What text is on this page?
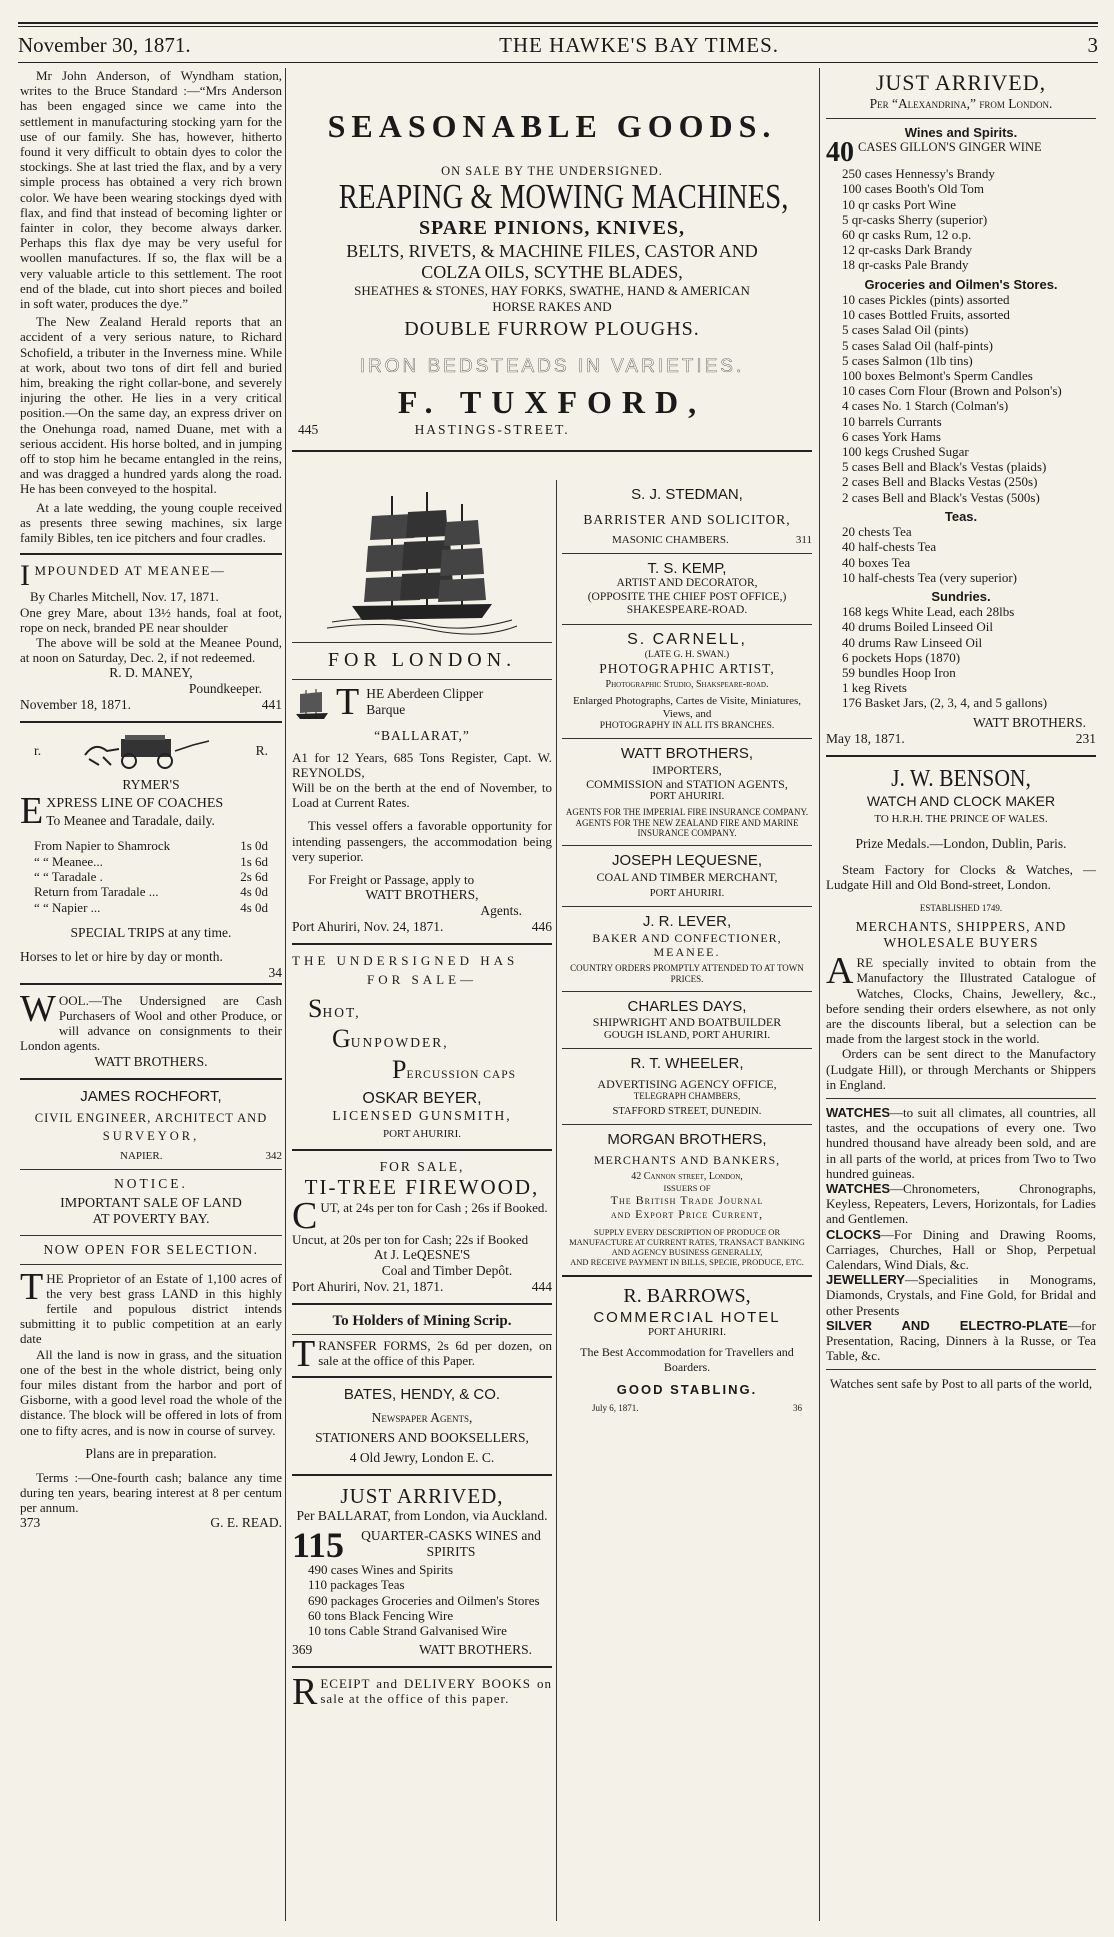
November 30, 1871.	THE HAWKE'S BAY TIMES.	3

Mr John Anderson, of Wyndham station, writes to the Bruce Standard :—“Mrs Anderson has been engaged since we came into the settlement in manufacturing stocking yarn for the use of our family. She has, however, hitherto found it very difficult to obtain dyes to color the stockings. She at last tried the flax, and by a very simple process has obtained a very rich brown color. We have been wearing stockings dyed with flax, and find that instead of becoming lighter or fainter in color, they become always darker. Perhaps this flax dye may be very useful for woollen manufactures. If so, the flax will be a very valuable article to this settlement. The root end of the blade, cut into short pieces and boiled in soft water, produces the dye.”

The New Zealand Herald reports that an accident of a very serious nature, to Richard Schofield, a tributer in the Inverness mine. While at work, about two tons of dirt fell and buried him, breaking the right collar-bone, and severely injuring the other. He lies in a very critical position.—On the same day, an express driver on the Onehunga road, named Duane, met with a serious accident. His horse bolted, and in jumping off to stop him he became entangled in the reins, and was dragged a hundred yards along the road. He has been conveyed to the hospital.

At a late wedding, the young couple received as presents three sewing machines, six large family Bibles, ten ice pitchers and four cradles.

IMPOUNDED AT MEANEE—

By Charles Mitchell, Nov. 17, 1871.

One grey Mare, about 13½ hands, foal at foot, rope on neck, branded PE near shoulder

The above will be sold at the Meanee Pound, at noon on Saturday, Dec. 2, if not redeemed.

R. D. MANEY,
Poundkeeper.
November 18, 1871.	441
r.	R.
RYMER'S
EXPRESS LINE OF COACHES
To Meanee and Taradale, daily.
From Napier to Shamrock	1s 0d
“ “ Meanee...	1s 6d
“ “ Taradale .	2s 6d
Return from Taradale ...	4s 0d
“ “ Napier ...	4s 0d
SPECIAL TRIPS at any time.
Horses to let or hire by day or month.
34

WOOL.—The Undersigned are Cash Purchasers of Wool and other Produce, or will advance on consignments to their London agents.

WATT BROTHERS.
JAMES ROCHFORT,
CIVIL ENGINEER, ARCHITECT AND
SURVEYOR,
NAPIER.	342
NOTICE.
IMPORTANT SALE OF LAND
AT POVERTY BAY.
NOW OPEN FOR SELECTION.

THE Proprietor of an Estate of 1,100 acres of the very best grass LAND in this highly fertile and populous district intends submitting it to public competition at an early date

All the land is now in grass, and the situation one of the best in the whole district, being only four miles distant from the harbor and port of Gisborne, with a good level road the whole of the distance. The block will be offered in lots of from one to fifty acres, and is now in course of survey.

Plans are in preparation.

Terms :—One-fourth cash; balance any time during ten years, bearing interest at 8 per centum per annum.

373	G. E. READ.
SEASONABLE GOODS.
ON SALE BY THE UNDERSIGNED.
REAPING & MOWING MACHINES,
SPARE PINIONS, KNIVES,
BELTS, RIVETS, & MACHINE FILES, CASTOR AND
COLZA OILS, SCYTHE BLADES,
SHEATHES & STONES, HAY FORKS, SWATHE, HAND & AMERICAN
HORSE RAKES AND
DOUBLE FURROW PLOUGHS.
IRON BEDSTEADS IN VARIETIES.
F. TUXFORD,
445	HASTINGS-STREET.
FOR LONDON.
T HE Aberdeen Clipper
Barque
“BALLARAT,”

A1 for 12 Years, 685 Tons Register, Capt. W. REYNOLDS,

Will be on the berth at the end of November, to Load at Current Rates.

This vessel offers a favorable opportunity for intending passengers, the accommodation being very superior.

For Freight or Passage, apply to

WATT BROTHERS,
Agents.
Port Ahuriri, Nov. 24, 1871.	446
THE UNDERSIGNED HAS
FOR SALE—
SHOT,
GUNPOWDER,
PERCUSSION CAPS
OSKAR BEYER,
LICENSED GUNSMITH,
PORT AHURIRI.
FOR SALE,
TI-TREE FIREWOOD,

CUT, at 24s per ton for Cash ; 26s if Booked.

Uncut, at 20s per ton for Cash; 22s if Booked

At J. LeQESNE'S
Coal and Timber Depôt.
Port Ahuriri, Nov. 21, 1871.	444
To Holders of Mining Scrip.

TRANSFER FORMS, 2s 6d per dozen, on sale at the office of this Paper.

BATES, HENDY, & CO.
Newspaper Agents,
STATIONERS AND BOOKSELLERS,
4 Old Jewry, London E. C.
JUST ARRIVED,
Per BALLARAT, from London, via Auckland.
115	QUARTER-CASKS WINES and SPIRITS
490 cases Wines and Spirits
110 packages Teas
690 packages Groceries and Oilmen's Stores
60 tons Black Fencing Wire
10 tons Cable Strand Galvanised Wire
369	WATT BROTHERS.

RECEIPT and DELIVERY BOOKS on sale at the office of this paper.

S. J. STEDMAN,
BARRISTER AND SOLICITOR,
MASONIC CHAMBERS.	311
T. S. KEMP,
ARTIST AND DECORATOR,
(OPPOSITE THE CHIEF POST OFFICE,)
SHAKESPEARE-ROAD.
S. CARNELL,
(LATE G. H. SWAN.)
PHOTOGRAPHIC ARTIST,
Photographic Studio, Shakspeare-road.
Enlarged Photographs, Cartes de Visite, Miniatures, Views, and
PHOTOGRAPHY IN ALL ITS BRANCHES.
WATT BROTHERS,
IMPORTERS,
COMMISSION and STATION AGENTS,
PORT AHURIRI.
AGENTS FOR THE IMPERIAL FIRE INSURANCE COMPANY.
AGENTS FOR THE NEW ZEALAND FIRE AND MARINE INSURANCE COMPANY.
JOSEPH LEQUESNE,
COAL AND TIMBER MERCHANT,
PORT AHURIRI.
J. R. LEVER,
BAKER AND CONFECTIONER,
MEANEE.
COUNTRY ORDERS PROMPTLY ATTENDED TO AT TOWN PRICES.
CHARLES DAYS,
SHIPWRIGHT AND BOATBUILDER
GOUGH ISLAND, PORT AHURIRI.
R. T. WHEELER,
ADVERTISING AGENCY OFFICE,
TELEGRAPH CHAMBERS,
STAFFORD STREET, DUNEDIN.
MORGAN BROTHERS,
MERCHANTS AND BANKERS,
42 Cannon street, London,
ISSUERS OF
The British Trade Journal
and Export Price Current,
SUPPLY EVERY DESCRIPTION OF PRODUCE OR MANUFACTURE AT CURRENT RATES, TRANSACT BANKING AND AGENCY BUSINESS GENERALLY,
AND RECEIVE PAYMENT IN BILLS, SPECIE, PRODUCE, ETC.
R. BARROWS,
COMMERCIAL HOTEL
PORT AHURIRI.
The Best Accommodation for Travellers and Boarders.
GOOD STABLING.
July 6, 1871.	36
JUST ARRIVED,
Per “Alexandrina,” from London.
Wines and Spirits.
40 CASES GILLON'S GINGER WINE
250 cases Hennessy's Brandy
100 cases Booth's Old Tom
10 qr casks Port Wine
5 qr-casks Sherry (superior)
60 qr casks Rum, 12 o.p.
12 qr-casks Dark Brandy
18 qr-casks Pale Brandy
Groceries and Oilmen's Stores.
10 cases Pickles (pints) assorted
10 cases Bottled Fruits, assorted
5 cases Salad Oil (pints)
5 cases Salad Oil (half-pints)
5 cases Salmon (1lb tins)
100 boxes Belmont's Sperm Candles
10 cases Corn Flour (Brown and Polson's)
4 cases No. 1 Starch (Colman's)
10 barrels Currants
6 cases York Hams
100 kegs Crushed Sugar
5 cases Bell and Black's Vestas (plaids)
2 cases Bell and Blacks Vestas (250s)
2 cases Bell and Black's Vestas (500s)
Teas.
20 chests Tea
40 half-chests Tea
40 boxes Tea
10 half-chests Tea (very superior)
Sundries.
168 kegs White Lead, each 28lbs
40 drums Boiled Linseed Oil
40 drums Raw Linseed Oil
6 pockets Hops (1870)
59 bundles Hoop Iron
1 keg Rivets
176 Basket Jars, (2, 3, 4, and 5 gallons)
WATT BROTHERS.
May 18, 1871.	231
J. W. BENSON,
WATCH AND CLOCK MAKER
TO H.R.H. THE PRINCE OF WALES.
Prize Medals.—London, Dublin, Paris.

Steam Factory for Clocks & Watches, —Ludgate Hill and Old Bond-street, London.

ESTABLISHED 1749.
MERCHANTS, SHIPPERS, AND
WHOLESALE BUYERS

ARE specially invited to obtain from the Manufactory the Illustrated Catalogue of Watches, Clocks, Chains, Jewellery, &c., before sending their orders elsewhere, as not only are the discounts liberal, but a selection can be made from the largest stock in the world.

Orders can be sent direct to the Manufactory (Ludgate Hill), or through Merchants or Shippers in England.

WATCHES—to suit all climates, all countries, all tastes, and the occupations of every one. Two hundred thousand have already been sold, and are in all parts of the world, at prices from Two to Two hundred guineas.

WATCHES—Chronometers, Chronographs, Keyless, Repeaters, Levers, Horizontals, for Ladies and Gentlemen.

CLOCKS—For Dining and Drawing Rooms, Carriages, Churches, Hall or Shop, Perpetual Calendars, Wind Dials, &c.

JEWELLERY—Specialities in Monograms, Diamonds, Crystals, and Fine Gold, for Bridal and other Presents

SILVER AND ELECTRO-PLATE—for Presentation, Racing, Dinners à la Russe, or Tea Table, &c.

Watches sent safe by Post to all parts of the world,
